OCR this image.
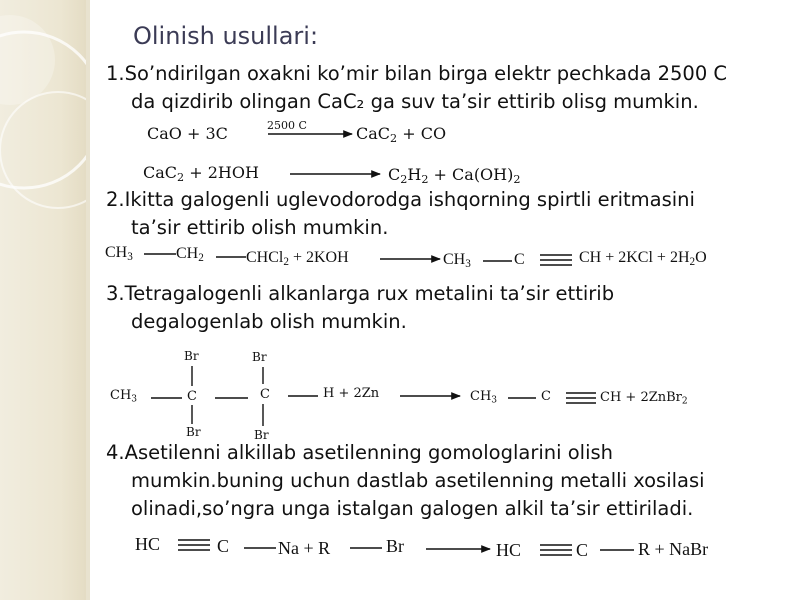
Olinish usullari:
1.So’ndirilgan oxakni ko’mir bilan birga elektr pechkada 2500 C
da qizdirib olingan CaC₂ ga suv ta’sir ettirib olisg mumkin.
CaO + 3C	2500 C	CaC$_2$ + CO
CaC$_2$ + 2HOH	$C_2H_2 + Ca(OH)_2$
2.Ikitta galogenli uglevodorodga ishqorning spirtli eritmasini
ta’sir ettirib olish mumkin.
$CH_3$	$CH_2$	CHCl$_2$ + 2KOH	$CH_3$	C	CH + $2KCl + 2H_2O$
3.Tetragalogenli alkanlarga rux metalini ta’sir ettirib
degalogenlab olish mumkin.
Br	Br
$CH_3$	C	C	H + 2Zn
Br	Br
$CH_3$	C	CH + 2ZnBr$_2$
4.Asetilenni alkillab asetilenning gomologlarini olish
mumkin.buning uchun dastlab asetilenning metalli xosilasi
olinadi,so’ngra unga istalgan galogen alkil ta’sir ettiriladi.
HC	C	Na + R	Br	HC	C	R + NaBr
